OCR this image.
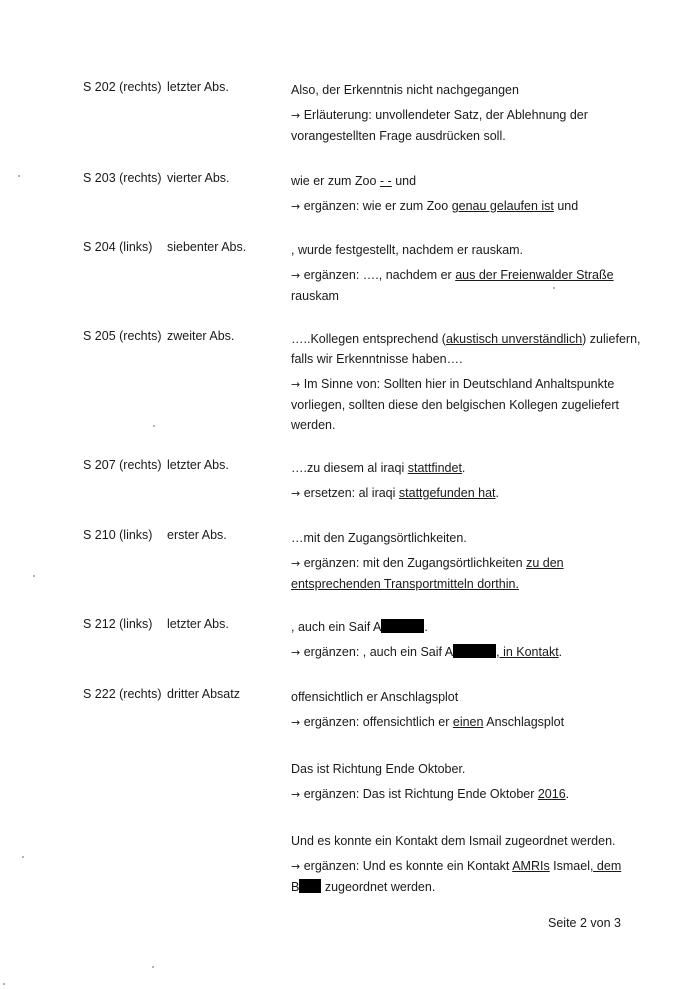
S 202 (rechts) letzter Abs.	Also, der Erkenntnis nicht nachgegangen
→ Erläuterung: unvollendeter Satz, der Ablehnung der
vorangestellten Frage ausdrücken soll.
S 203 (rechts) vierter Abs.	wie er zum Zoo - - und
→ ergänzen: wie er zum Zoo genau gelaufen ist und
S 204 (links) siebenter Abs.	, wurde festgestellt, nachdem er rauskam.
→ ergänzen: …., nachdem er aus der Freienwalder Straße
rauskam
S 205 (rechts) zweiter Abs.	…..Kollegen entsprechend (akustisch unverständlich) zuliefern,
falls wir Erkenntnisse haben….
→ Im Sinne von: Sollten hier in Deutschland Anhaltspunkte
vorliegen, sollten diese den belgischen Kollegen zugeliefert
werden.
S 207 (rechts) letzter Abs.	….zu diesem al iraqi stattfindet.
→ ersetzen: al iraqi stattgefunden hat.
S 210 (links) erster Abs.	…mit den Zugangsörtlichkeiten.
→ ergänzen: mit den Zugangsörtlichkeiten zu den
entsprechenden Transportmitteln dorthin.
S 212 (links) letzter Abs.	, auch ein Saif A	.
→ ergänzen: , auch ein Saif A	, in Kontakt.
S 222 (rechts) dritter Absatz	offensichtlich er Anschlagsplot
→ ergänzen: offensichtlich er einen Anschlagsplot
Das ist Richtung Ende Oktober.
→ ergänzen: Das ist Richtung Ende Oktober 2016.
Und es konnte ein Kontakt dem Ismail zugeordnet werden.
→ ergänzen: Und es konnte ein Kontakt AMRIs Ismael, dem
B zugeordnet werden.
Seite 2 von 3
